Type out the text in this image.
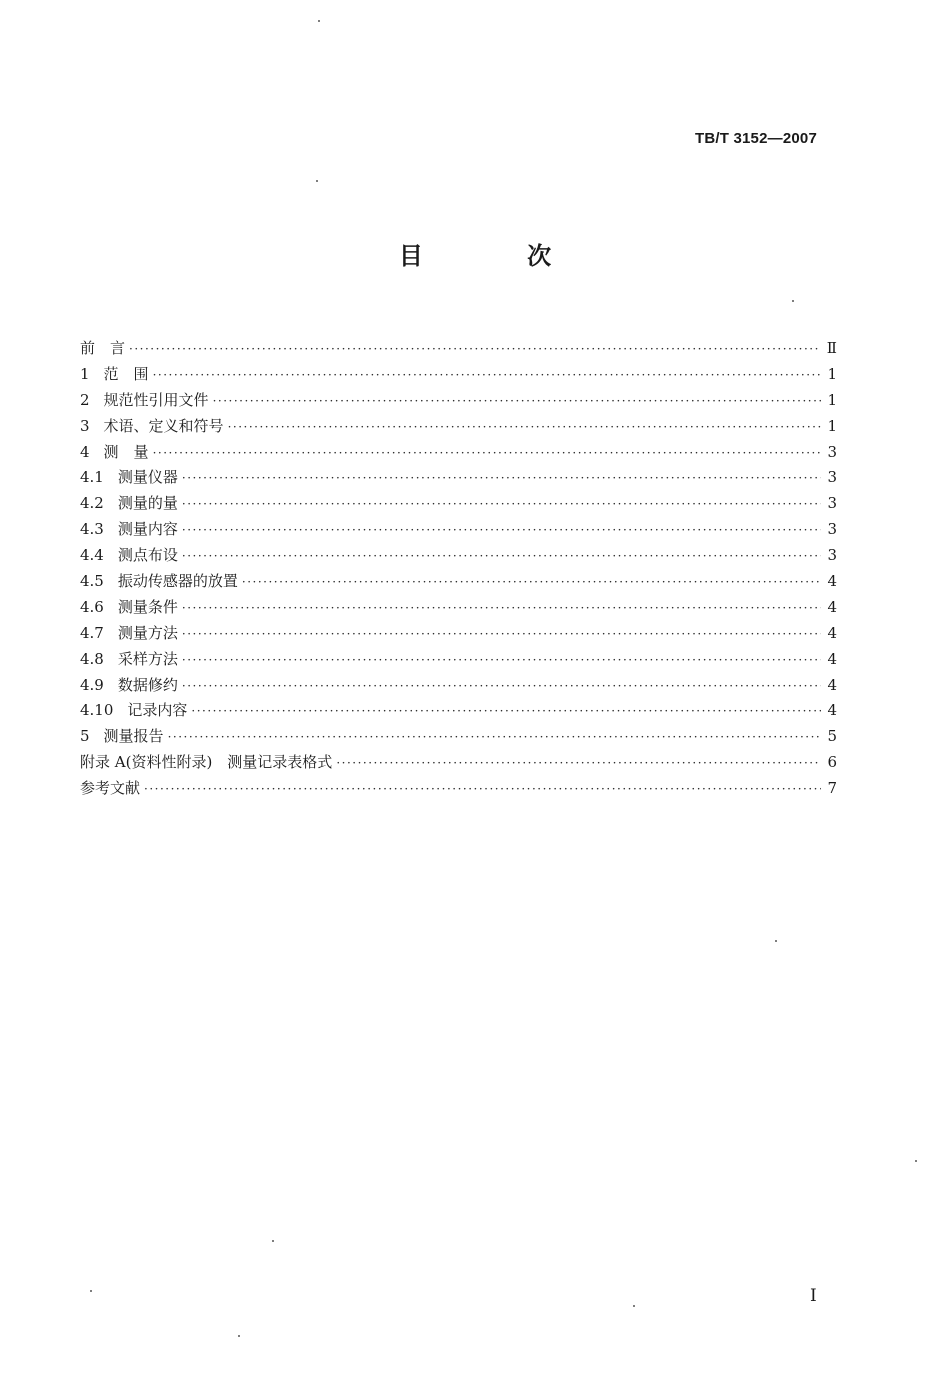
TB/T 3152—2007
目 次
前　言 ·····	Ⅱ
1 范　围 ·····	1
2 规范性引用文件 ·····	1
3 术语、定义和符号 ·····	1
4 测　量 ·····	3
4.1 测量仪器 ·····	3
4.2 测量的量 ·····	3
4.3 测量内容 ·····	3
4.4 测点布设 ·····	3
4.5 振动传感器的放置 ·····	4
4.6 测量条件 ·····	4
4.7 测量方法 ·····	4
4.8 采样方法 ·····	4
4.9 数据修约 ·····	4
4.10 记录内容 ·····	4
5 测量报告 ·····	5
附录 A(资料性附录)　测量记录表格式 ·····	6
参考文献 ·····	7
I
